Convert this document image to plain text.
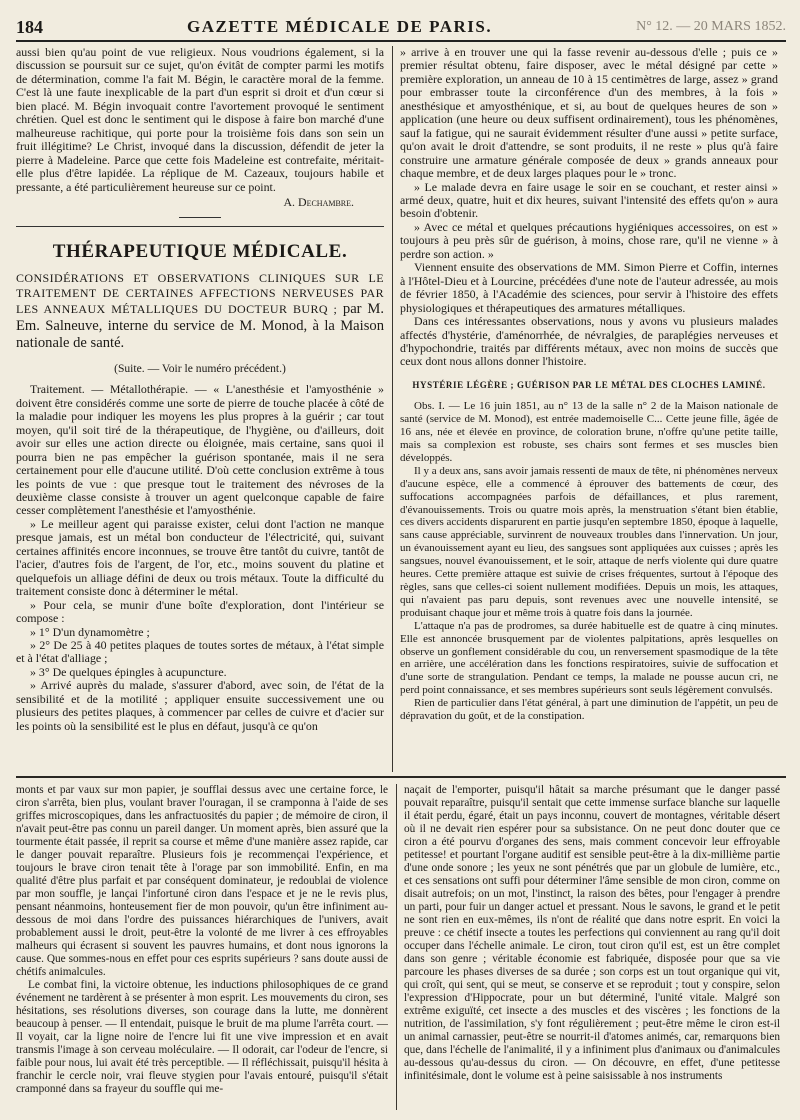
184	GAZETTE MÉDICALE DE PARIS.	N° 12. — 20 MARS 1852.

aussi bien qu'au point de vue religieux. Nous voudrions également, si la discussion se poursuit sur ce sujet, qu'on évitât de compter parmi les motifs de détermination, comme l'a fait M. Bégin, le caractère moral de la femme. C'est là une faute inexplicable de la part d'un esprit si droit et d'un cœur si bien placé. M. Bégin invoquait contre l'avortement provoqué le sentiment chrétien. Quel est donc le sentiment qui le dispose à faire bon marché d'une malheureuse rachitique, qui porte pour la troisième fois dans son sein un fruit illégitime? Le Christ, invoqué dans la discussion, défendit de jeter la pierre à Madeleine. Parce que cette fois Madeleine est contrefaite, méritait-elle plus d'être lapidée. La réplique de M. Cazeaux, toujours habile et pressante, a été particulièrement heureuse sur ce point.

A. Dechambre.
THÉRAPEUTIQUE MÉDICALE.

CONSIDÉRATIONS ET OBSERVATIONS CLINIQUES SUR LE TRAITEMENT DE CERTAINES AFFECTIONS NERVEUSES PAR LES ANNEAUX MÉTALLIQUES DU DOCTEUR BURQ ; par M. Em. Salneuve, interne du service de M. Monod, à la Maison nationale de santé.

(Suite. — Voir le numéro précédent.)

Traitement. — Métallothérapie. — « L'anesthésie et l'amyosthénie » doivent être considérés comme une sorte de pierre de touche placée à côté de la maladie pour indiquer les moyens les plus propres à la guérir ; car tout moyen, qu'il soit tiré de la thérapeutique, de l'hygiène, ou d'ailleurs, doit avoir sur elles une action directe ou éloignée, mais certaine, sans quoi il pourra bien ne pas empêcher la guérison spontanée, mais il ne sera certainement pour elle d'aucune utilité. D'où cette conclusion extrême à tous les points de vue : que presque tout le traitement des névroses de la deuxième classe consiste à trouver un agent quelconque capable de faire cesser complètement l'anesthésie et l'amyosthénie.

» Le meilleur agent qui paraisse exister, celui dont l'action ne manque presque jamais, est un métal bon conducteur de l'électricité, qui, suivant certaines affinités encore inconnues, se trouve être tantôt du cuivre, tantôt de l'acier, d'autres fois de l'argent, de l'or, etc., moins souvent du platine et quelquefois un alliage défini de deux ou trois métaux. Toute la difficulté du traitement consiste donc à déterminer le métal.

» Pour cela, se munir d'une boîte d'exploration, dont l'intérieur se compose :

» 1° D'un dynamomètre ;

» 2° De 25 à 40 petites plaques de toutes sortes de métaux, à l'état simple et à l'état d'alliage ;

» 3° De quelques épingles à acupuncture.

» Arrivé auprès du malade, s'assurer d'abord, avec soin, de l'état de la sensibilité et de la motilité ; appliquer ensuite successivement une ou plusieurs des petites plaques, à commencer par celles de cuivre et d'acier sur les points où la sensibilité est le plus en défaut, jusqu'à ce qu'on

» arrive à en trouver une qui la fasse revenir au-dessous d'elle ; puis ce » premier résultat obtenu, faire disposer, avec le métal désigné par cette » première exploration, un anneau de 10 à 15 centimètres de large, assez » grand pour embrasser toute la circonférence d'un des membres, à la fois » anesthésique et amyosthénique, et si, au bout de quelques heures de son » application (une heure ou deux suffisent ordinairement), tous les phénomènes, sauf la fatigue, qui ne saurait évidemment résulter d'une aussi » petite surface, qu'on avait le droit d'attendre, se sont produits, il ne reste » plus qu'à faire construire une armature générale composée de deux » grands anneaux pour chaque membre, et de deux larges plaques pour le » tronc.

» Le malade devra en faire usage le soir en se couchant, et rester ainsi » armé deux, quatre, huit et dix heures, suivant l'intensité des effets qu'on » aura besoin d'obtenir.

» Avec ce métal et quelques précautions hygiéniques accessoires, on est » toujours à peu près sûr de guérison, à moins, chose rare, qu'il ne vienne » à perdre son action. »

Viennent ensuite des observations de MM. Simon Pierre et Coffin, internes à l'Hôtel-Dieu et à Lourcine, précédées d'une note de l'auteur adressée, au mois de février 1850, à l'Académie des sciences, pour servir à l'histoire des effets physiologiques et thérapeutiques des armatures métalliques.

Dans ces intéressantes observations, nous y avons vu plusieurs malades affectés d'hystérie, d'aménorrhée, de névralgies, de paraplégies nerveuses et d'hypochondrie, traités par différents métaux, avec non moins de succès que ceux dont nous allons donner l'histoire.

HYSTÉRIE LÉGÈRE ; GUÉRISON PAR LE MÉTAL DES CLOCHES LAMINÉ.

Obs. I. — Le 16 juin 1851, au n° 13 de la salle n° 2 de la Maison nationale de santé (service de M. Monod), est entrée mademoiselle C... Cette jeune fille, âgée de 16 ans, née et élevée en province, de coloration brune, n'offre qu'une petite taille, mais sa complexion est robuste, ses chairs sont fermes et ses muscles bien développés.

Il y a deux ans, sans avoir jamais ressenti de maux de tête, ni phénomènes nerveux d'aucune espèce, elle a commencé à éprouver des battements de cœur, des suffocations accompagnées parfois de défaillances, et plus rarement, d'évanouissements. Trois ou quatre mois après, la menstruation s'étant bien établie, ces divers accidents disparurent en partie jusqu'en septembre 1850, époque à laquelle, sans cause appréciable, survinrent de nouveaux troubles dans l'innervation. Un jour, un évanouissement ayant eu lieu, des sangsues sont appliquées aux cuisses ; après les sangsues, nouvel évanouissement, et le soir, attaque de nerfs violente qui dure quatre heures. Cette première attaque est suivie de crises fréquentes, surtout à l'époque des règles, sans que celles-ci soient nullement modifiées. Depuis un mois, les attaques, qui n'avaient pas paru depuis, sont revenues avec une nouvelle intensité, se produisant chaque jour et même trois à quatre fois dans la journée.

L'attaque n'a pas de prodromes, sa durée habituelle est de quatre à cinq minutes. Elle est annoncée brusquement par de violentes palpitations, après lesquelles on observe un gonflement considérable du cou, un renversement spasmodique de la tête en arrière, une accélération dans les fonctions respiratoires, suivie de suffocation et d'une sorte de strangulation. Pendant ce temps, la malade ne pousse aucun cri, ne perd point connaissance, et ses membres supérieurs sont seuls légèrement convulsés.

Rien de particulier dans l'état général, à part une diminution de l'appétit, un peu de dépravation du goût, et de la constipation.

monts et par vaux sur mon papier, je soufflai dessus avec une certaine force, le ciron s'arrêta, bien plus, voulant braver l'ouragan, il se cramponna à l'aide de ses griffes microscopiques, dans les anfractuosités du papier ; de mémoire de ciron, il n'avait peut-être pas connu un pareil danger. Un moment après, bien assuré que la tourmente était passée, il reprit sa course et même d'une manière assez rapide, car le danger pouvait reparaître. Plusieurs fois je recommençai l'expérience, et toujours le brave ciron tenait tête à l'orage par son immobilité. Enfin, en ma qualité d'être plus parfait et par conséquent dominateur, je redoublai de violence par mon souffle, je lançai l'infortuné ciron dans l'espace et je ne le revis plus, pensant néanmoins, honteusement fier de mon pouvoir, qu'un être infiniment au-dessous de moi dans l'ordre des puissances hiérarchiques de l'univers, avait probablement aussi le droit, peut-être la volonté de me livrer à ces effroyables malheurs qui écrasent si souvent les pauvres humains, et dont nous ignorons la cause. Que sommes-nous en effet pour ces esprits supérieurs ? sans doute aussi de chétifs animalcules.

Le combat fini, la victoire obtenue, les inductions philosophiques de ce grand événement ne tardèrent à se présenter à mon esprit. Les mouvements du ciron, ses hésitations, ses résolutions diverses, son courage dans la lutte, me donnèrent beaucoup à penser. — Il entendait, puisque le bruit de ma plume l'arrêta court. — Il voyait, car la ligne noire de l'encre lui fit une vive impression et en avait transmis l'image à son cerveau moléculaire. — Il odorait, car l'odeur de l'encre, si faible pour nous, lui avait été très perceptible. — Il réfléchissait, puisqu'il hésita à franchir le cercle noir, vrai fleuve stygien pour l'avais entouré, puisqu'il s'était cramponné dans sa frayeur du souffle qui me-

naçait de l'emporter, puisqu'il hâtait sa marche présumant que le danger passé pouvait reparaître, puisqu'il sentait que cette immense surface blanche sur laquelle il était perdu, égaré, était un pays inconnu, couvert de montagnes, véritable désert où il ne devait rien espérer pour sa subsistance. On ne peut donc douter que ce ciron a été pourvu d'organes des sens, mais comment concevoir leur effroyable petitesse! et pourtant l'organe auditif est sensible peut-être à la dix-millième partie d'une onde sonore ; les yeux ne sont pénétrés que par un globule de lumière, etc., et ces sensations ont suffi pour déterminer l'âme sensible de mon ciron, comme on disait autrefois; on un mot, l'instinct, la raison des bêtes, pour l'engager à prendre un parti, pour fuir un danger actuel et pressant. Nous le savons, le grand et le petit ne sont rien en eux-mêmes, ils n'ont de réalité que dans notre esprit. En voici la preuve : ce chétif insecte a toutes les perfections qui conviennent au rang qu'il doit occuper dans l'échelle animale. Le ciron, tout ciron qu'il est, est un être complet dans son genre ; véritable économie est fabriquée, disposée pour que sa vie parcoure les phases diverses de sa durée ; son corps est un tout organique qui vit, qui croît, qui sent, qui se meut, se conserve et se reproduit ; tout y conspire, selon l'expression d'Hippocrate, pour un but déterminé, l'unité vitale. Malgré son extrême exiguïté, cet insecte a des muscles et des viscères ; les fonctions de la nutrition, de l'assimilation, s'y font régulièrement ; peut-être même le ciron est-il un animal carnassier, peut-être se nourrit-il d'atomes animés, car, remarquons bien que, dans l'échelle de l'animalité, il y a infiniment plus d'animaux ou d'animalcules au-dessous qu'au-dessus du ciron. — On découvre, en effet, d'une petitesse infinitésimale, dont le volume est à peine saisissable à nos instruments
